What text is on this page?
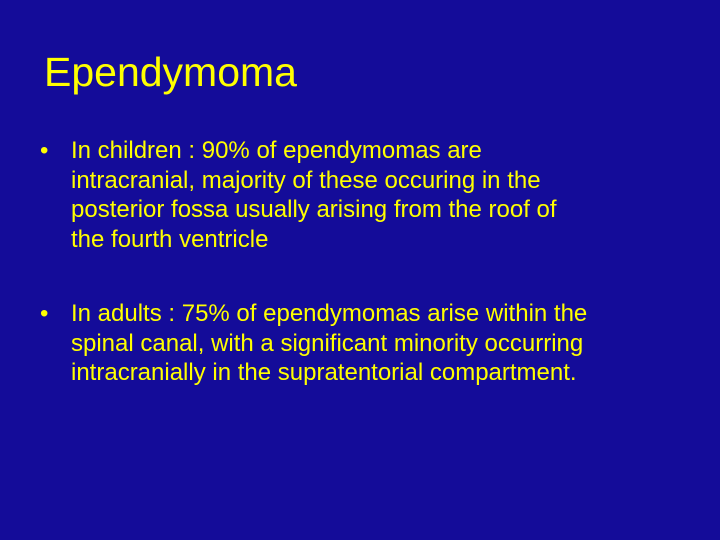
Ependymoma
• In children : 90% of ependymomas are
intracranial, majority of these occuring in the
posterior fossa usually arising from the roof of
the fourth ventricle
• In adults : 75% of ependymomas arise within the
spinal canal, with a significant minority occurring
intracranially in the supratentorial compartment.
